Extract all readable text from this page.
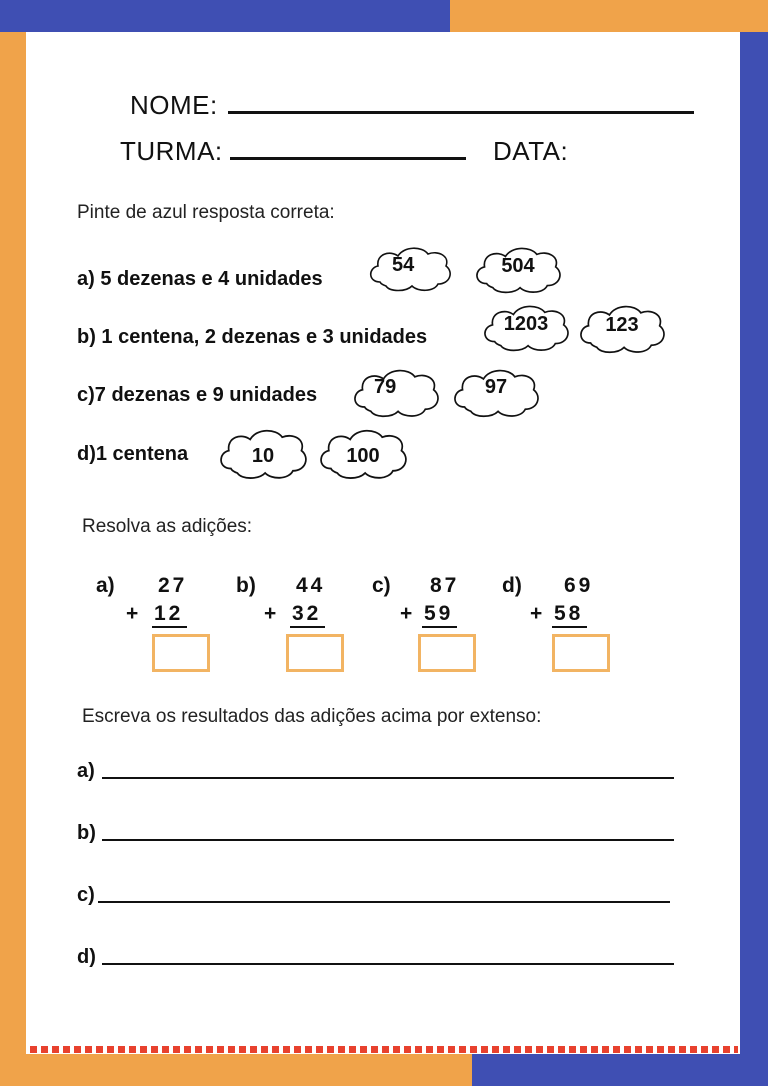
NOME:
TURMA:	DATA:
Pinte de azul resposta correta:
a) 5 dezenas e 4 unidades
b) 1 centena, 2 dezenas e 3 unidades
c)7 dezenas e 9 unidades
d)1 centena
54	504
1203	123
79	97
10	100
Resolva as adições:
a) 27
+ 12
b) 44
+ 32
c) 87
+ 59
d) 69
+ 58
Escreva os resultados das adições acima por extenso:
a)
b)
c)
d)
